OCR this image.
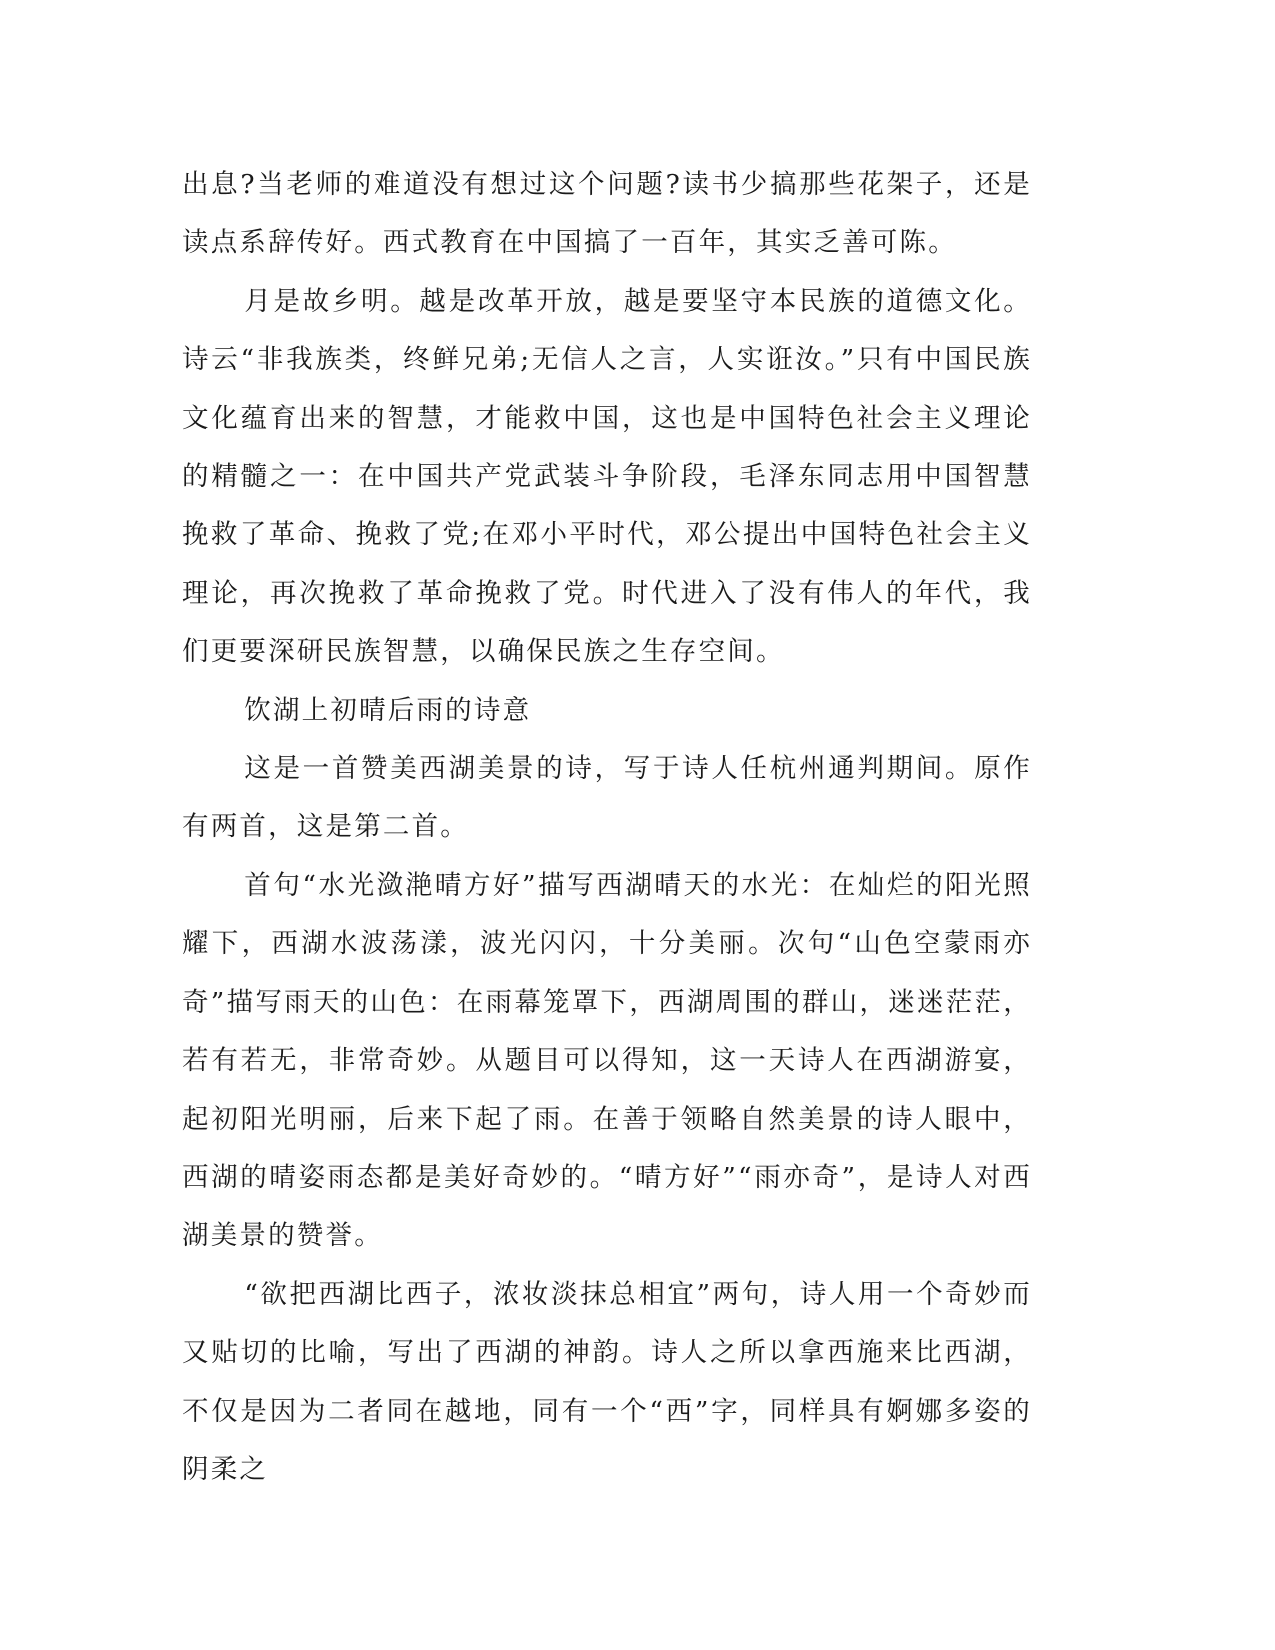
出息?当老师的难道没有想过这个问题?读书少搞那些花架子，还是读点系辞传好。西式教育在中国搞了一百年，其实乏善可陈。

月是故乡明。越是改革开放，越是要坚守本民族的道德文化。诗云“非我族类，终鲜兄弟;无信人之言，人实诳汝。”只有中国民族文化蕴育出来的智慧，才能救中国，这也是中国特色社会主义理论的精髓之一：在中国共产党武装斗争阶段，毛泽东同志用中国智慧挽救了革命、挽救了党;在邓小平时代，邓公提出中国特色社会主义理论，再次挽救了革命挽救了党。时代进入了没有伟人的年代，我们更要深研民族智慧，以确保民族之生存空间。

饮湖上初晴后雨的诗意

这是一首赞美西湖美景的诗，写于诗人任杭州通判期间。原作有两首，这是第二首。

首句“水光潋滟晴方好”描写西湖晴天的水光：在灿烂的阳光照耀下，西湖水波荡漾，波光闪闪，十分美丽。次句“山色空蒙雨亦奇”描写雨天的山色：在雨幕笼罩下，西湖周围的群山，迷迷茫茫，若有若无，非常奇妙。从题目可以得知，这一天诗人在西湖游宴，起初阳光明丽，后来下起了雨。在善于领略自然美景的诗人眼中，西湖的晴姿雨态都是美好奇妙的。“晴方好”“雨亦奇”，是诗人对西湖美景的赞誉。

“欲把西湖比西子，浓妆淡抹总相宜”两句，诗人用一个奇妙而又贴切的比喻，写出了西湖的神韵。诗人之所以拿西施来比西湖，不仅是因为二者同在越地，同有一个“西”字，同样具有婀娜多姿的阴柔之
